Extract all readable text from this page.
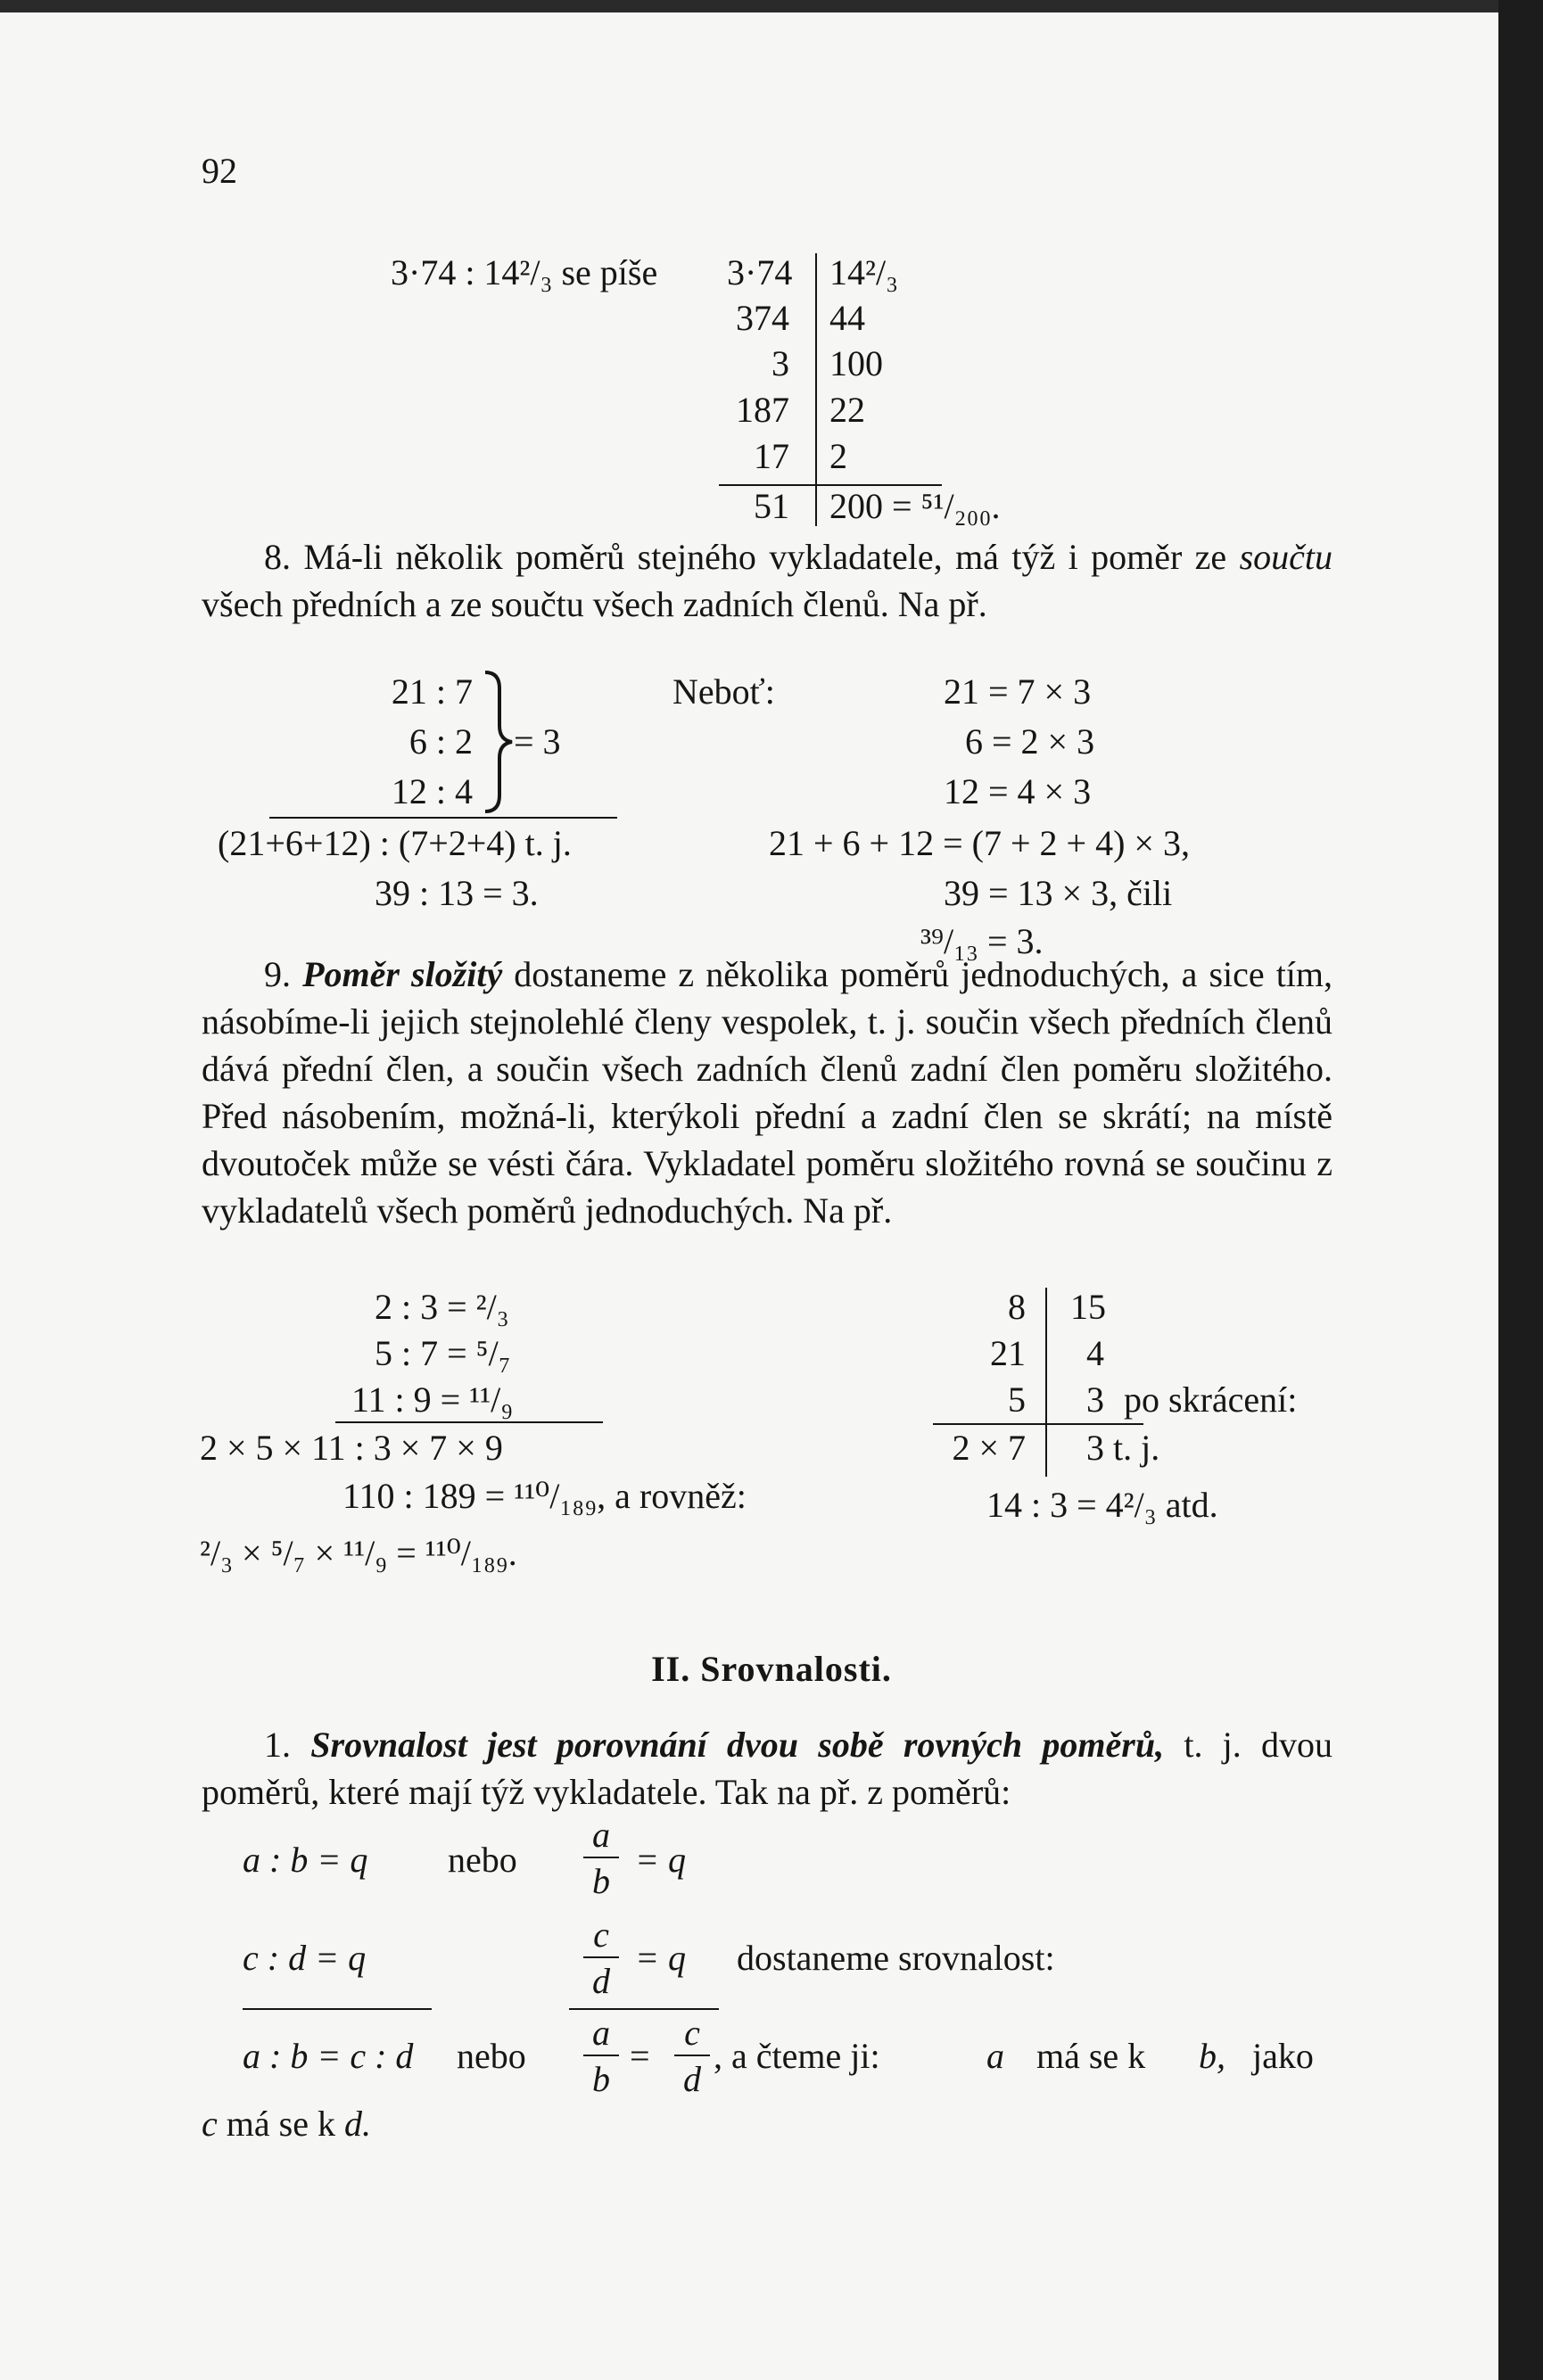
92
3·74 : 14²/₃ se píše 3·74
374
3
187
17
51
14²/₃
44
100
22
2
200 = ⁵¹/₂₀₀.
8. Má-li několik poměrů stejného vykladatele, má týž i poměr ze součtu všech předních a ze součtu všech zadních členů. Na př.
21 : 7
6 : 2
12 : 4
= 3
(21+6+12) : (7+2+4) t. j.
39 : 13 = 3.
Neboť:	21 = 7 × 3
6 = 2 × 3
12 = 4 × 3
21 + 6 + 12 = (7 + 2 + 4) × 3,
39 = 13 × 3, čili
³⁹/₁₃ = 3.
9. Poměr složitý dostaneme z několika poměrů jednoduchých, a sice tím, násobíme-li jejich stejnolehlé členy vespolek, t. j. součin všech předních členů dává přední člen, a součin všech zadních členů zadní člen poměru složitého. Před násobením, možná-li, kterýkoli přední a zadní člen se skrátí; na místě dvoutoček může se vésti čára. Vykladatel poměru složitého rovná se součinu z vykladatelů všech poměrů jednoduchých. Na př.
2 : 3 = ²/₃
5 : 7 = ⁵/₇
11 : 9 = ¹¹/₉
2 × 5 × 11 : 3 × 7 × 9
110 : 189 = ¹¹⁰/₁₈₉, a rovněž:
²/₃ × ⁵/₇ × ¹¹/₉ = ¹¹⁰/₁₈₉.
8
21
5
2 × 7
15
4
3 po skrácení:
3 t. j.
14 : 3 = 4²/₃ atd.
II. Srovnalosti.
1. Srovnalost jest porovnání dvou sobě rovných poměrů, t. j. dvou poměrů, které mají týž vykladatele. Tak na př. z poměrů:
a : b = q nebo
a
b
= q
c : d = q
c
d
= q dostaneme srovnalost:
a : b = c : d nebo
a
b
=
c
d
, a čteme ji:	a má se k b, jako
c má se k d.
